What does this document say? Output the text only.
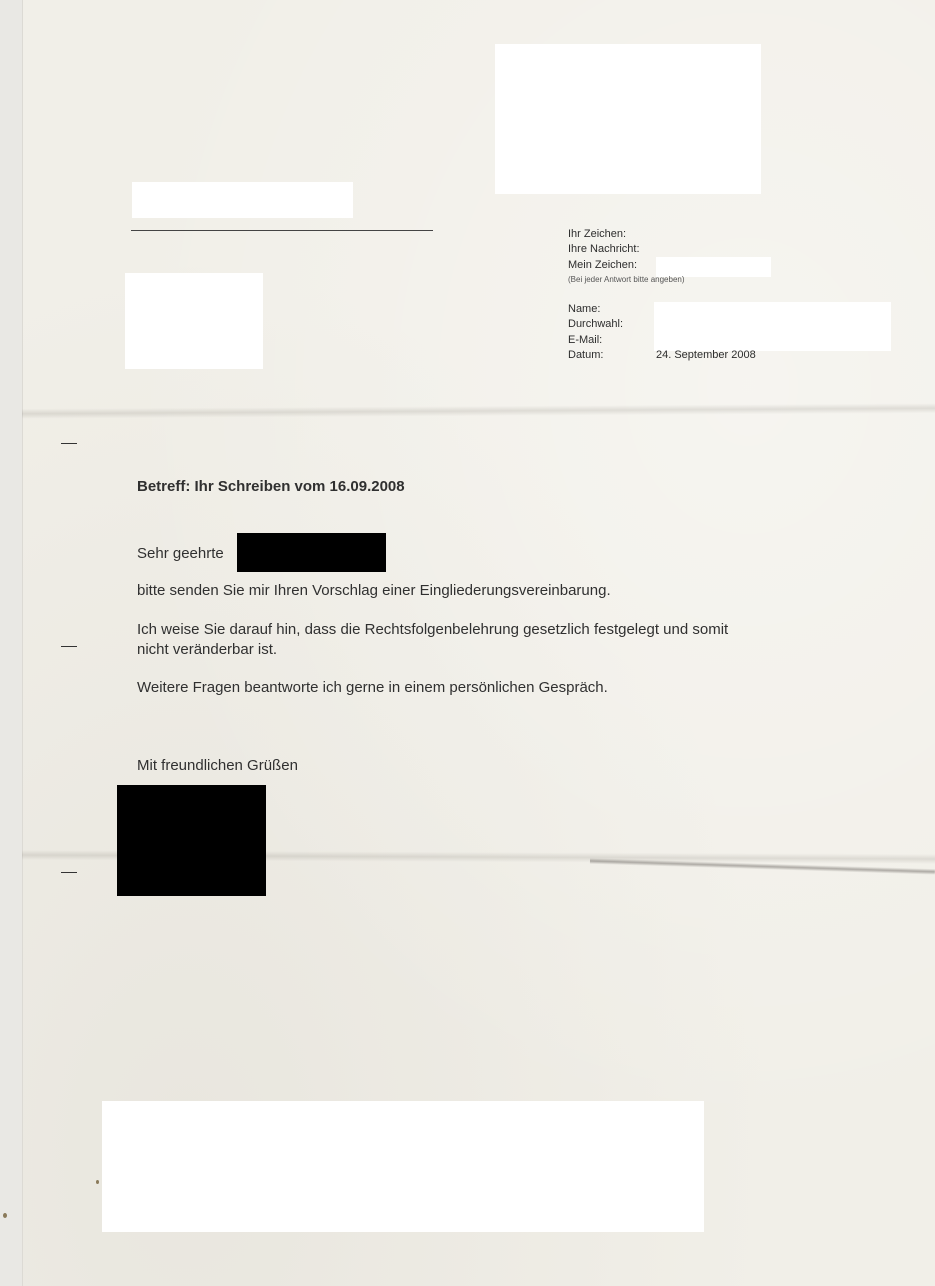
Ihr Zeichen:
Ihre Nachricht:
Mein Zeichen:
(Bei jeder Antwort bitte angeben)
Name:
Durchwahl:
E-Mail:
Datum:	24. September 2008
Betreff: Ihr Schreiben vom 16.09.2008
Sehr geehrte
bitte senden Sie mir Ihren Vorschlag einer Eingliederungsvereinbarung.
Ich weise Sie darauf hin, dass die Rechtsfolgenbelehrung gesetzlich festgelegt und somit
nicht veränderbar ist.
Weitere Fragen beantworte ich gerne in einem persönlichen Gespräch.
Mit freundlichen Grüßen
